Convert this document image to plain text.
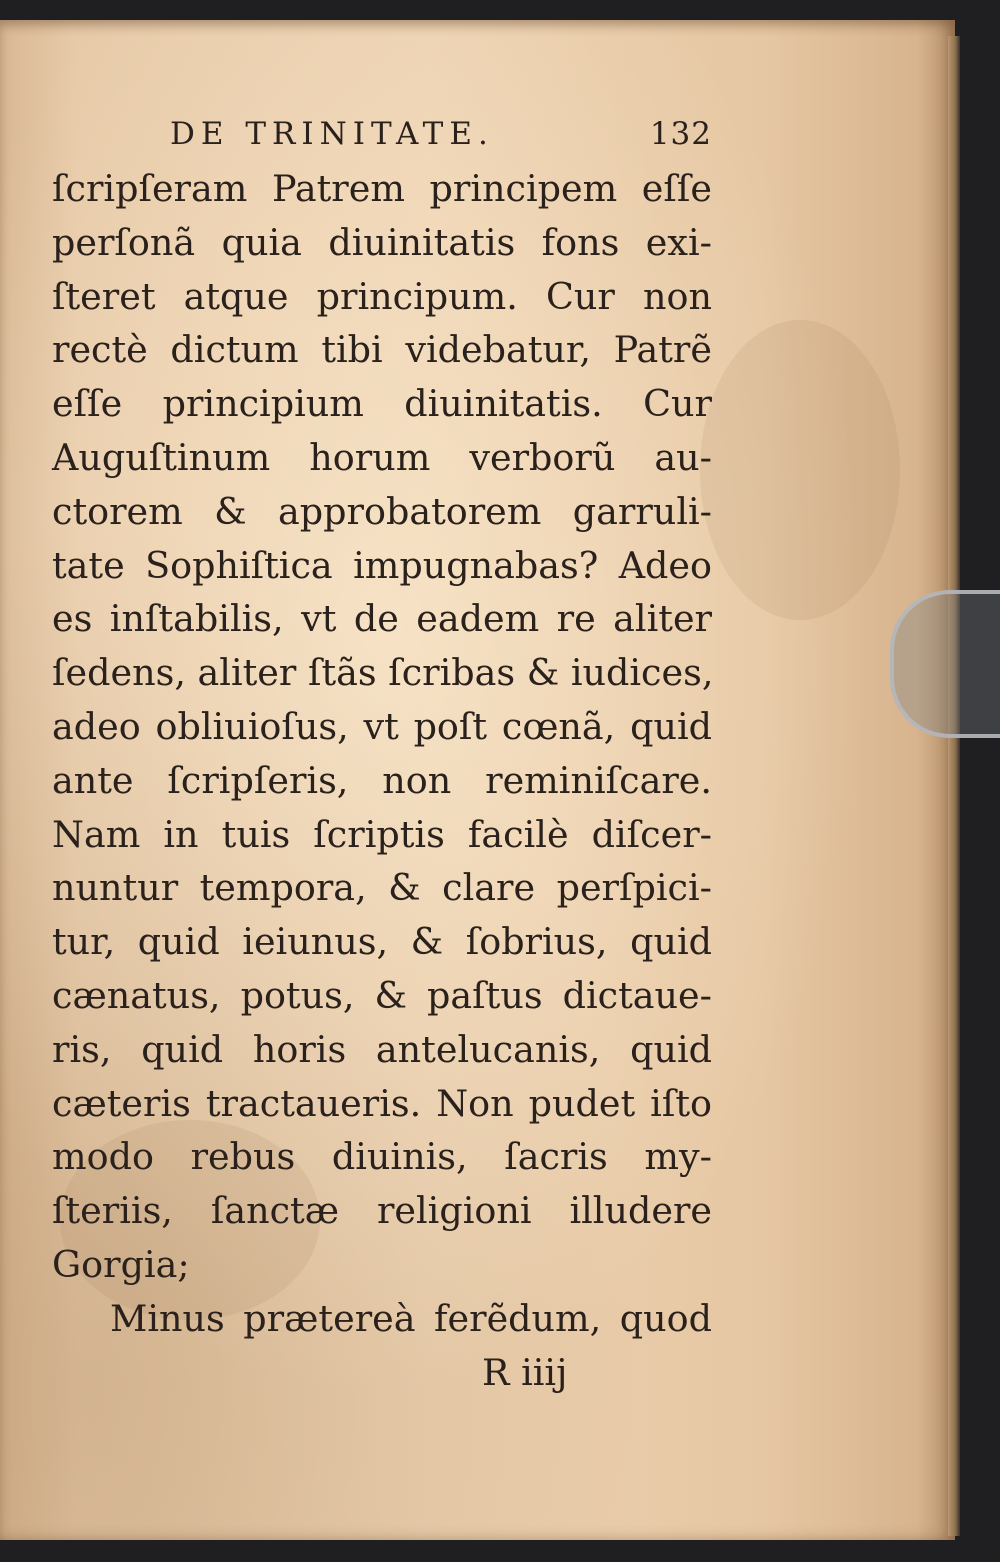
DE TRINITATE.	132
ſcripſeram Patrem principem eſſe
perſonã quia diuinitatis fons exi-
ſteret atque principum. Cur non
rectè dictum tibi videbatur, Patrẽ
eſſe principium diuinitatis. Cur
Auguſtinum horum verborũ au-
ctorem & approbatorem garruli-
tate Sophiſtica impugnabas? Adeo
es inſtabilis, vt de eadem re aliter
ſedens, aliter ſtãs ſcribas & iudices,
adeo obliuioſus, vt poſt cœnã, quid
ante ſcripſeris, non reminiſcare.
Nam in tuis ſcriptis facilè diſcer-
nuntur tempora, & clare perſpici-
tur, quid ieiunus, & ſobrius, quid
cænatus, potus, & paſtus dictaue-
ris, quid horis antelucanis, quid
cæteris tractaueris. Non pudet iſto
modo rebus diuinis, ſacris my-
ſteriis, ſanctæ religioni illudere
Gorgia;
Minus prætereà ferẽdum, quod
R iiij
